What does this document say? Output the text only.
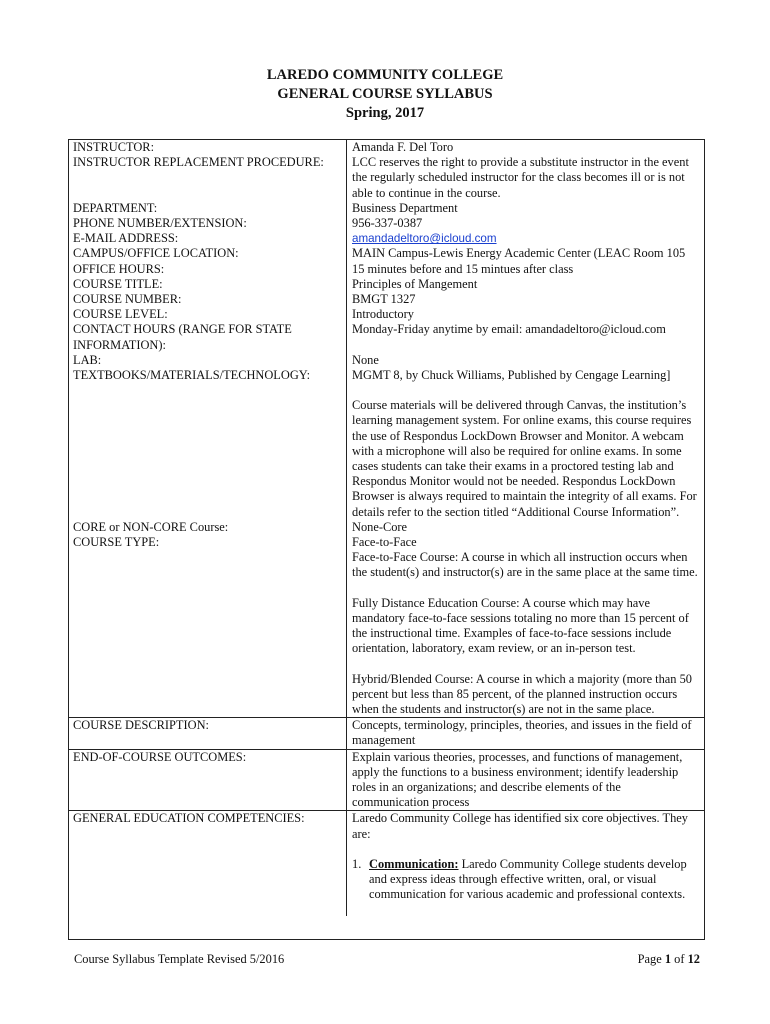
LAREDO COMMUNITY COLLEGE
GENERAL COURSE SYLLABUS
Spring, 2017
INSTRUCTOR:	Amanda F. Del Toro
INSTRUCTOR REPLACEMENT PROCEDURE:	LCC reserves the right to provide a substitute instructor in the event the regularly scheduled instructor for the class becomes ill or is not able to continue in the course.
DEPARTMENT:	Business Department
PHONE NUMBER/EXTENSION:	956-337-0387
E-MAIL ADDRESS:	amandadeltoro@icloud.com
CAMPUS/OFFICE LOCATION:	MAIN Campus-Lewis Energy Academic Center (LEAC Room 105
OFFICE HOURS:	15 minutes before and 15 mintues after class
COURSE TITLE:	Principles of Mangement
COURSE NUMBER:	BMGT 1327
COURSE LEVEL:	Introductory
CONTACT HOURS (RANGE FOR STATE INFORMATION):	Monday-Friday anytime by email: amandadeltoro@icloud.com
LAB:	None
TEXTBOOKS/MATERIALS/TECHNOLOGY:	MGMT 8, by Chuck Williams, Published by Cengage Learning]

Course materials will be delivered through Canvas, the institution’s learning management system. For online exams, this course requires the use of Respondus LockDown Browser and Monitor. A webcam with a microphone will also be required for online exams. In some cases students can take their exams in a proctored testing lab and Respondus Monitor would not be needed. Respondus LockDown Browser is always required to maintain the integrity of all exams. For details refer to the section titled “Additional Course Information”.

CORE or NON-CORE Course:	None-Core
COURSE TYPE:	Face-to-Face

Face-to-Face Course: A course in which all instruction occurs when the student(s) and instructor(s) are in the same place at the same time.

Fully Distance Education Course: A course which may have mandatory face-to-face sessions totaling no more than 15 percent of the instructional time. Examples of face-to-face sessions include orientation, laboratory, exam review, or an in-person test.

Hybrid/Blended Course: A course in which a majority (more than 50 percent but less than 85 percent, of the planned instruction occurs when the students and instructor(s) are not in the same place.

COURSE DESCRIPTION:	Concepts, terminology, principles, theories, and issues in the field of management
END-OF-COURSE OUTCOMES:	Explain various theories, processes, and functions of management, apply the functions to a business environment; identify leadership roles in an organizations; and describe elements of the communication process
GENERAL EDUCATION COMPETENCIES:	Laredo Community College has identified six core objectives. They are:

1. Communication: Laredo Community College students develop and express ideas through effective written, oral, or visual communication for various academic and professional contexts.
Course Syllabus Template Revised 5/2016	Page 1 of 12
